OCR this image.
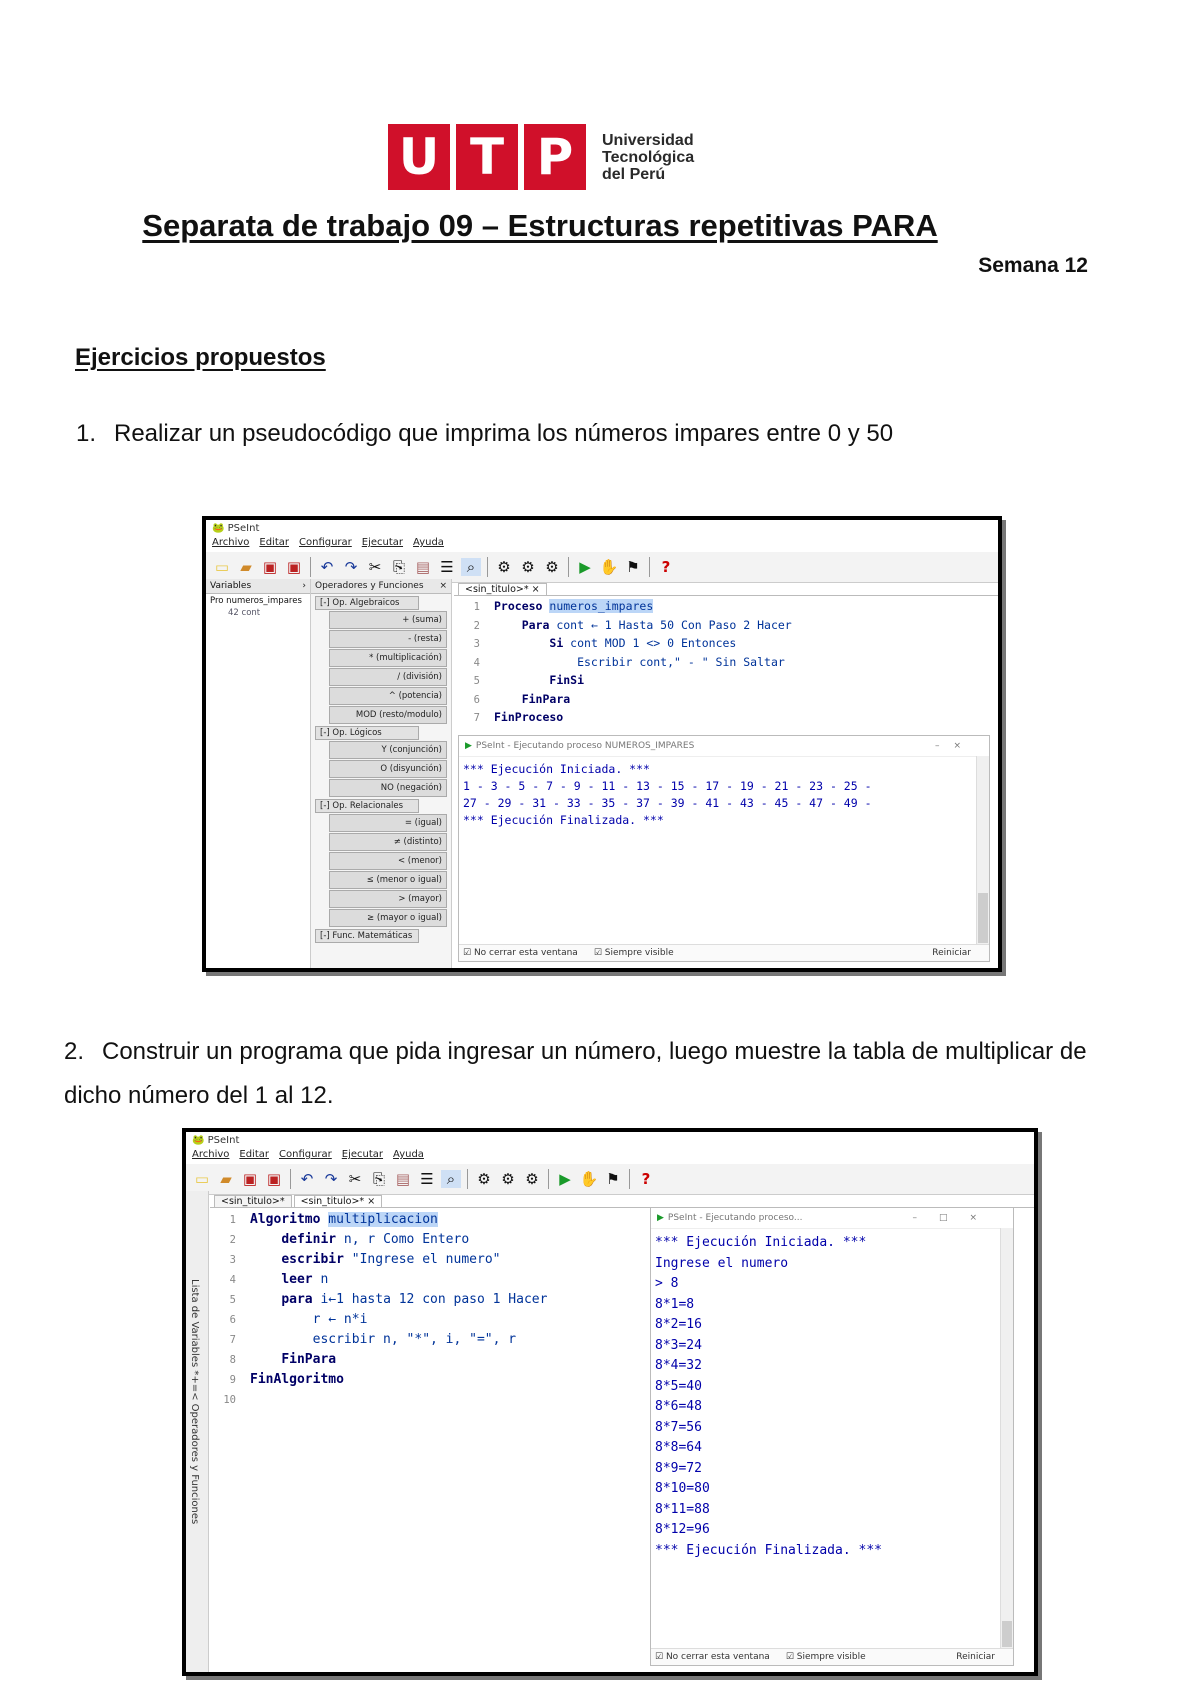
U T P	Universidad
Tecnológica
del Perú
Separata de trabajo 09 – Estructuras repetitivas PARA
Semana 12
Ejercicios propuestos
1. Realizar un pseudocódigo que imprima los números impares entre 0 y 50
🐸 PSeInt
Archivo Editar Configurar Ejecutar Ayuda
▭ ▰ ▣ ▣ ↶ ↷ ✂ ⎘ ▤ ☰ ⌕	⚙ ⚙ ⚙ ▶ ✋ ⚑	?
Variables	›
Pro numeros_impares
42 cont
Operadores y Funciones ×
[-] Op. Algebraicos
+ (suma)
- (resta)
* (multiplicación)
/ (división)
^ (potencia)
MOD (resto/modulo)
[-] Op. Lógicos
Y (conjunción)
O (disyunción)
NO (negación)
[-] Op. Relacionales
= (igual)
≠ (distinto)
< (menor)
≤ (menor o igual)
> (mayor)
≥ (mayor o igual)
[-] Func. Matemáticas
<sin_titulo>* ×
1 Proceso numeros_impares
2	Para cont ← 1 Hasta 50 Con Paso 2 Hacer
3	Si cont MOD 1 <> 0 Entonces
4	Escribir cont," - " Sin Saltar
5	FinSi
6	FinPara
7 FinProceso
▶ PSeInt - Ejecutando proceso NUMEROS_IMPARES	–×
*** Ejecución Iniciada. ***
1 - 3 - 5 - 7 - 9 - 11 - 13 - 15 - 17 - 19 - 21 - 23 - 25 -
27 - 29 - 31 - 33 - 35 - 37 - 39 - 41 - 43 - 45 - 47 - 49 -
*** Ejecución Finalizada. ***
☑ No cerrar esta ventana ☑ Siempre visible	Reiniciar
2. Construir un programa que pida ingresar un número, luego muestre la tabla de multiplicar de dicho número del 1 al 12.
🐸 PSeInt
Archivo Editar Configurar Ejecutar Ayuda
▭ ▰ ▣ ▣ ↶ ↷ ✂ ⎘ ▤ ☰ ⌕	⚙ ⚙ ⚙ ▶ ✋ ⚑	?
Lista de Variables *+=< Operadores y Funciones
<sin_titulo>*	<sin_titulo>* ×
1 Algoritmo multiplicacion
2	definir n, r Como Entero
3	escribir "Ingrese el numero"
4	leer n
5	para i←1 hasta 12 con paso 1 Hacer
6	r ← n*i
7	escribir n, "*", i, "=", r
8	FinPara
9 FinAlgoritmo
10
▶ PSeInt - Ejecutando proceso...	–□×
*** Ejecución Iniciada. ***
Ingrese el numero
> 8
8*1=8
8*2=16
8*3=24
8*4=32
8*5=40
8*6=48
8*7=56
8*8=64
8*9=72
8*10=80
8*11=88
8*12=96
*** Ejecución Finalizada. ***
☑ No cerrar esta ventana ☑ Siempre visible	Reiniciar
